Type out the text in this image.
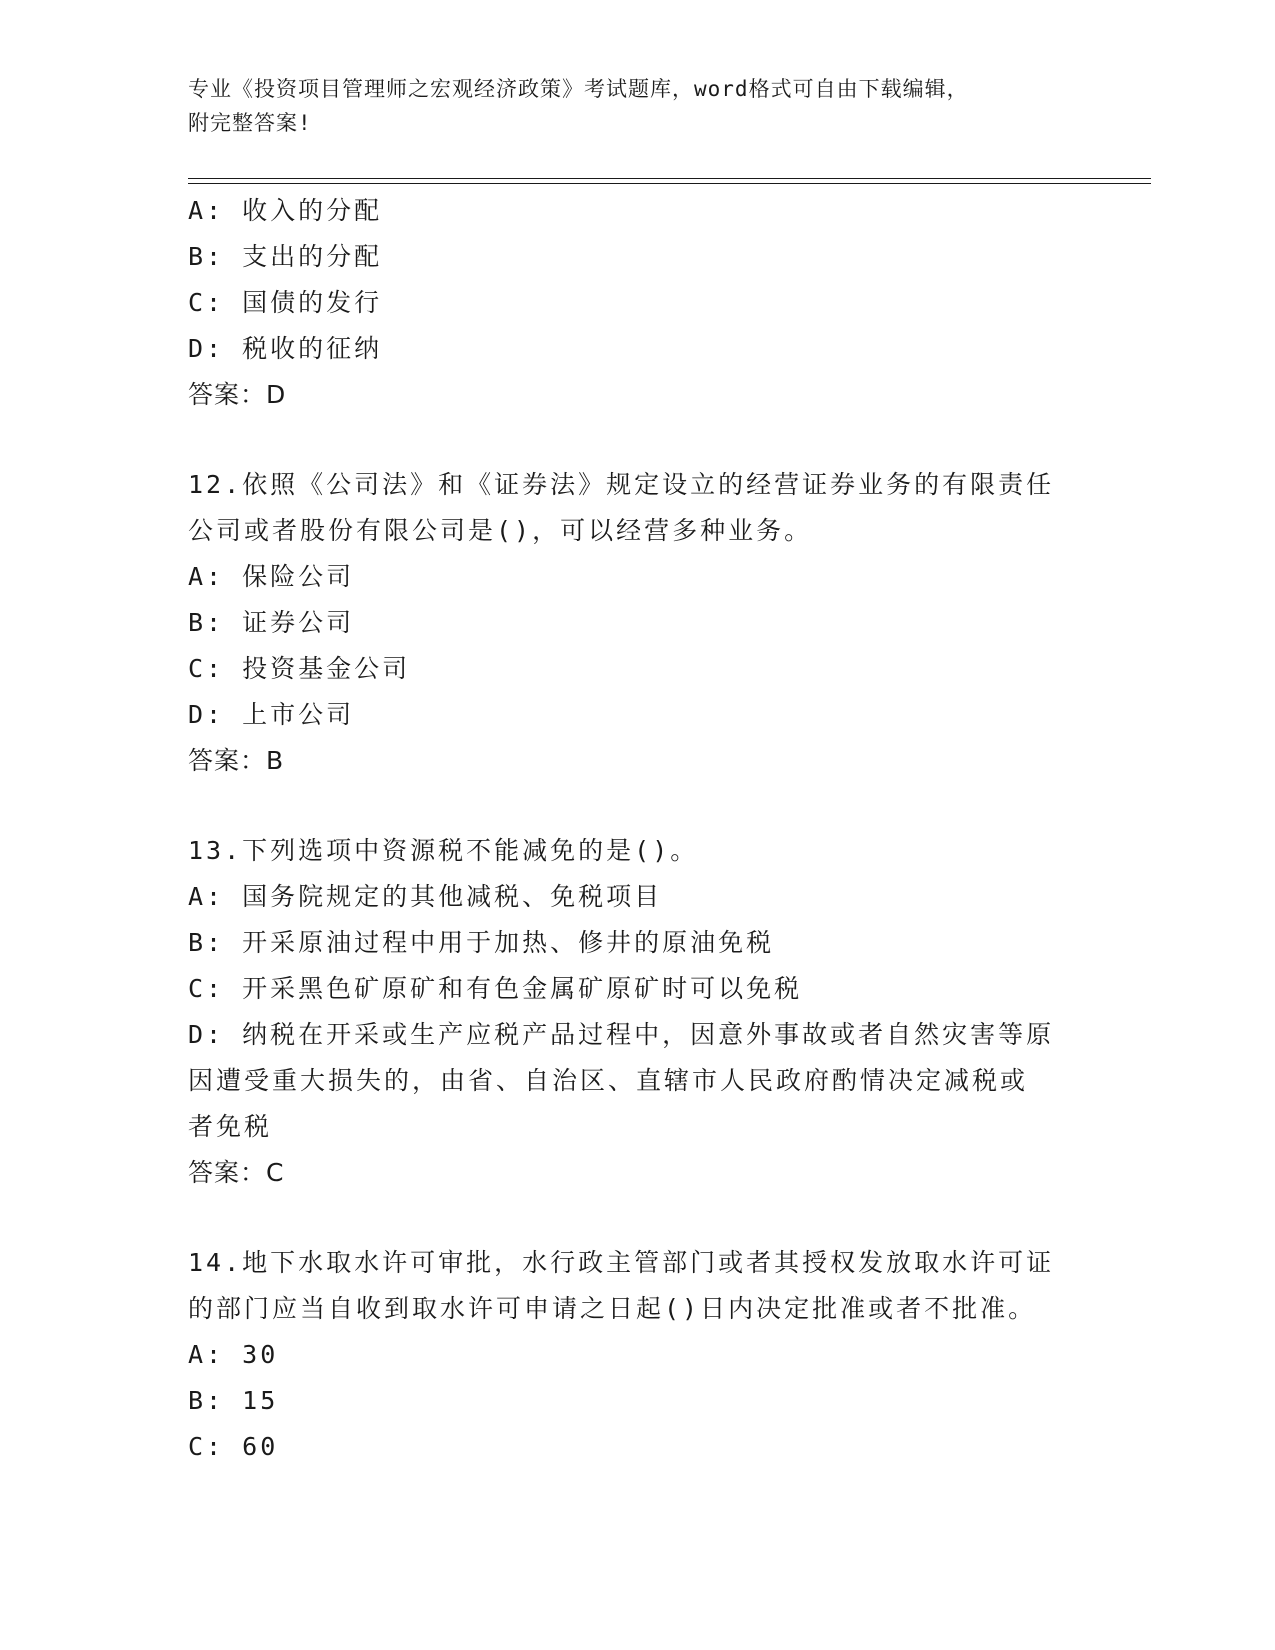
专业《投资项目管理师之宏观经济政策》考试题库，word格式可自由下载编辑，
附完整答案!
A: 收入的分配
B: 支出的分配
C: 国债的发行
D: 税收的征纳
答案：D
12.依照《公司法》和《证券法》规定设立的经营证券业务的有限责任
公司或者股份有限公司是()，可以经营多种业务。
A: 保险公司
B: 证券公司
C: 投资基金公司
D: 上市公司
答案：B
13.下列选项中资源税不能减免的是()。
A: 国务院规定的其他减税、免税项目
B: 开采原油过程中用于加热、修井的原油免税
C: 开采黑色矿原矿和有色金属矿原矿时可以免税
D: 纳税在开采或生产应税产品过程中，因意外事故或者自然灾害等原
因遭受重大损失的，由省、自治区、直辖市人民政府酌情决定减税或
者免税
答案：C
14.地下水取水许可审批，水行政主管部门或者其授权发放取水许可证
的部门应当自收到取水许可申请之日起()日内决定批准或者不批准。
A: 30
B: 15
C: 60
